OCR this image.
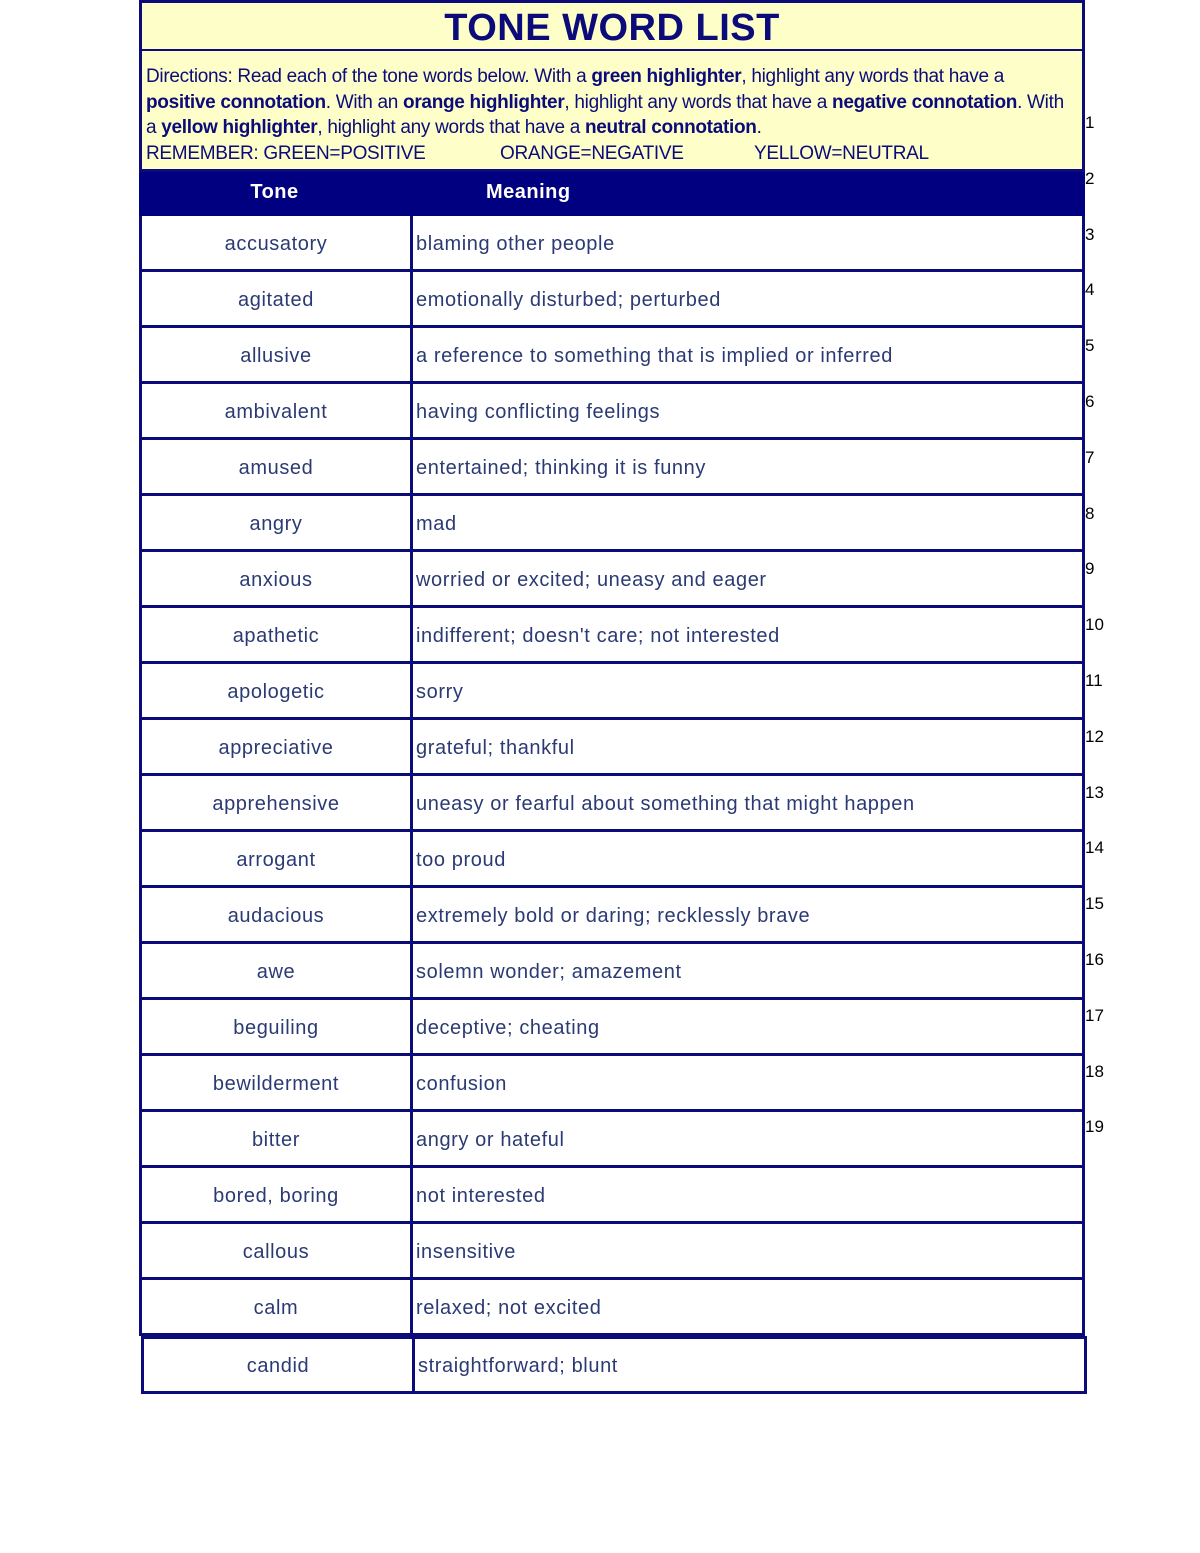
TONE WORD LIST
Directions: Read each of the tone words below. With a green highlighter, highlight any words that have a positive connotation. With an orange highlighter, highlight any words that have a negative connotation. With a yellow highlighter, highlight any words that have a neutral connotation.
REMEMBER: GREEN=POSITIVE	ORANGE=NEGATIVE	YELLOW=NEUTRAL
Tone	Meaning
accusatory	blaming other people
agitated	emotionally disturbed; perturbed
allusive	a reference to something that is implied or inferred
ambivalent	having conflicting feelings
amused	entertained; thinking it is funny
angry	mad
anxious	worried or excited; uneasy and eager
apathetic	indifferent; doesn't care; not interested
apologetic	sorry
appreciative	grateful; thankful
apprehensive	uneasy or fearful about something that might happen
arrogant	too proud
audacious	extremely bold or daring; recklessly brave
awe	solemn wonder; amazement
beguiling	deceptive; cheating
bewilderment	confusion
bitter	angry or hateful
bored, boring	not interested
callous	insensitive
calm	relaxed; not excited
candid	straightforward; blunt
1
2
3
4
5
6
7
8
9
10
11
12
13
14
15
16
17
18
19
